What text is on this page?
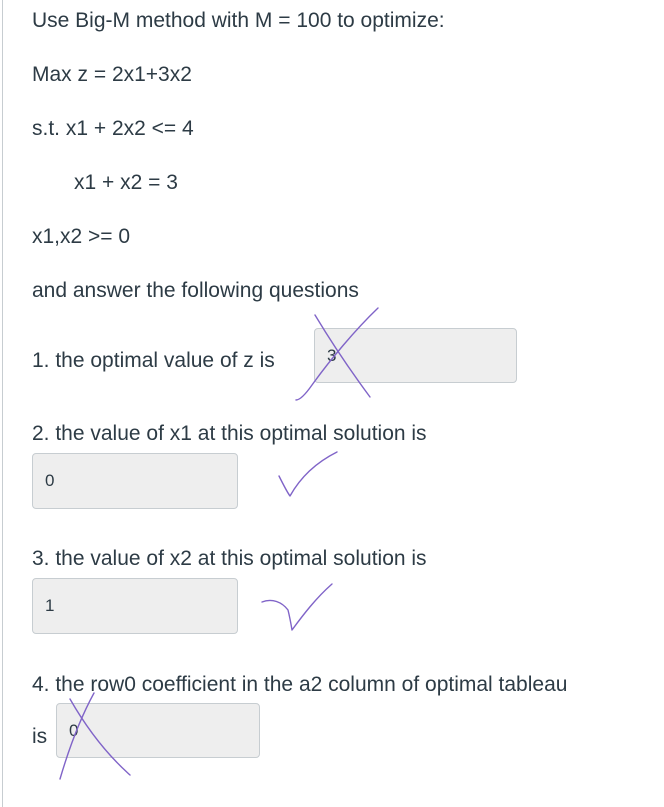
Use Big-M method with M = 100 to optimize:
Max z = 2x1+3x2
s.t. x1 + 2x2 <= 4
x1 + x2 = 3
x1,x2 >= 0
and answer the following questions
1. the optimal value of z is	3
2. the value of x1 at this optimal solution is
0
3. the value of x2 at this optimal solution is
1
4. the row0 coefficient in the a2 column of optimal tableau
is 0
